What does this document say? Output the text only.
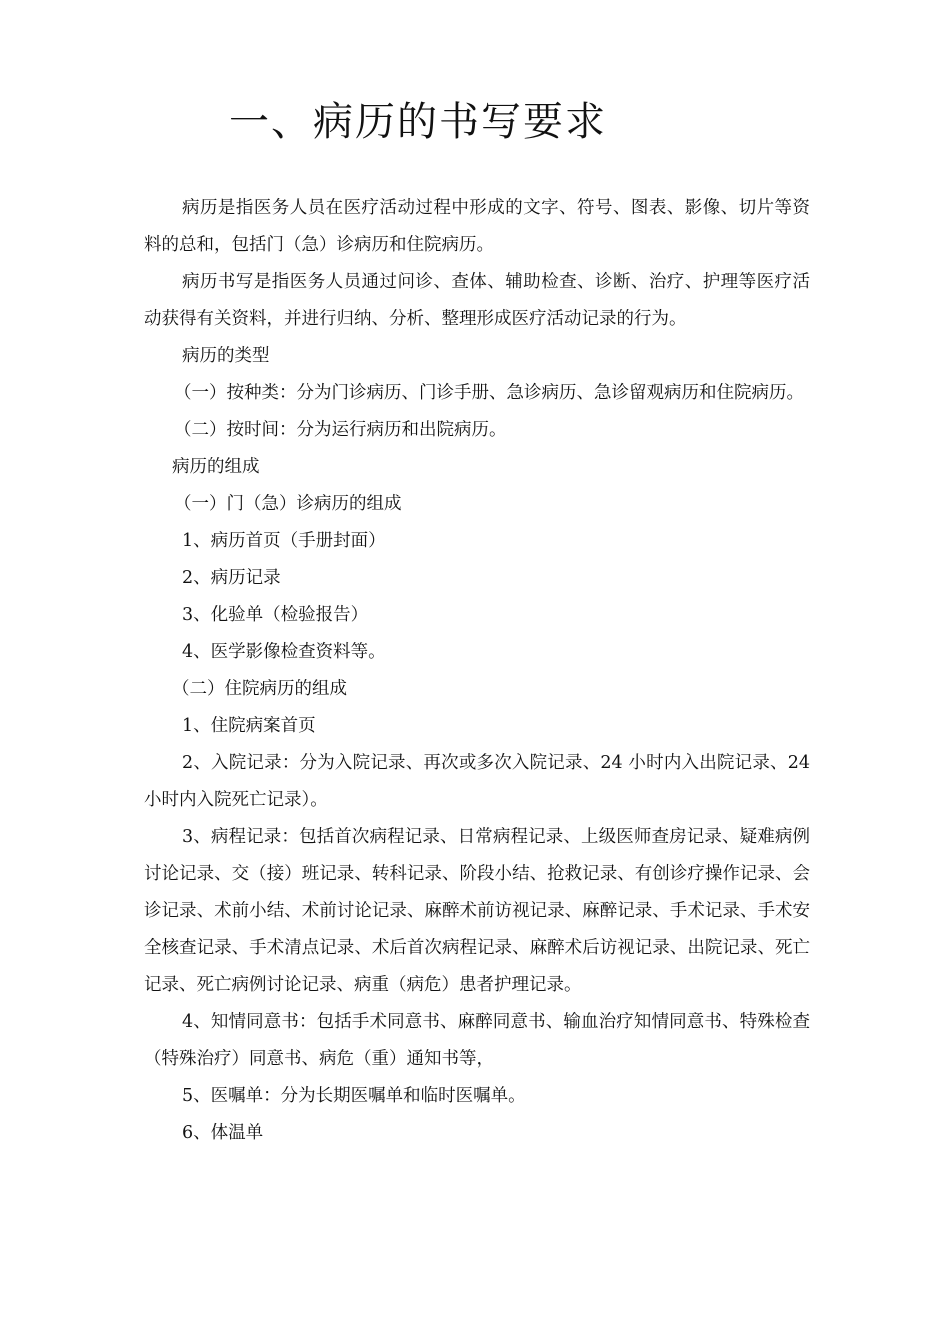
一、病历的书写要求

病历是指医务人员在医疗活动过程中形成的文字、符号、图表、影像、切片等资料的总和，包括门（急）诊病历和住院病历。

病历书写是指医务人员通过问诊、查体、辅助检查、诊断、治疗、护理等医疗活动获得有关资料，并进行归纳、分析、整理形成医疗活动记录的行为。

病历的类型

（一）按种类：分为门诊病历、门诊手册、急诊病历、急诊留观病历和住院病历。

（二）按时间：分为运行病历和出院病历。

病历的组成

（一）门（急）诊病历的组成

1、病历首页（手册封面）

2、病历记录

3、化验单（检验报告）

4、医学影像检查资料等。

（二）住院病历的组成

1、住院病案首页

2、入院记录：分为入院记录、再次或多次入院记录、24 小时内入出院记录、24 小时内入院死亡记录）。

3、病程记录：包括首次病程记录、日常病程记录、上级医师查房记录、疑难病例讨论记录、交（接）班记录、转科记录、阶段小结、抢救记录、有创诊疗操作记录、会诊记录、术前小结、术前讨论记录、麻醉术前访视记录、麻醉记录、手术记录、手术安全核查记录、手术清点记录、术后首次病程记录、麻醉术后访视记录、出院记录、死亡记录、死亡病例讨论记录、病重（病危）患者护理记录。

4、知情同意书：包括手术同意书、麻醉同意书、输血治疗知情同意书、特殊检查（特殊治疗）同意书、病危（重）通知书等，

5、医嘱单：分为长期医嘱单和临时医嘱单。

6、体温单
